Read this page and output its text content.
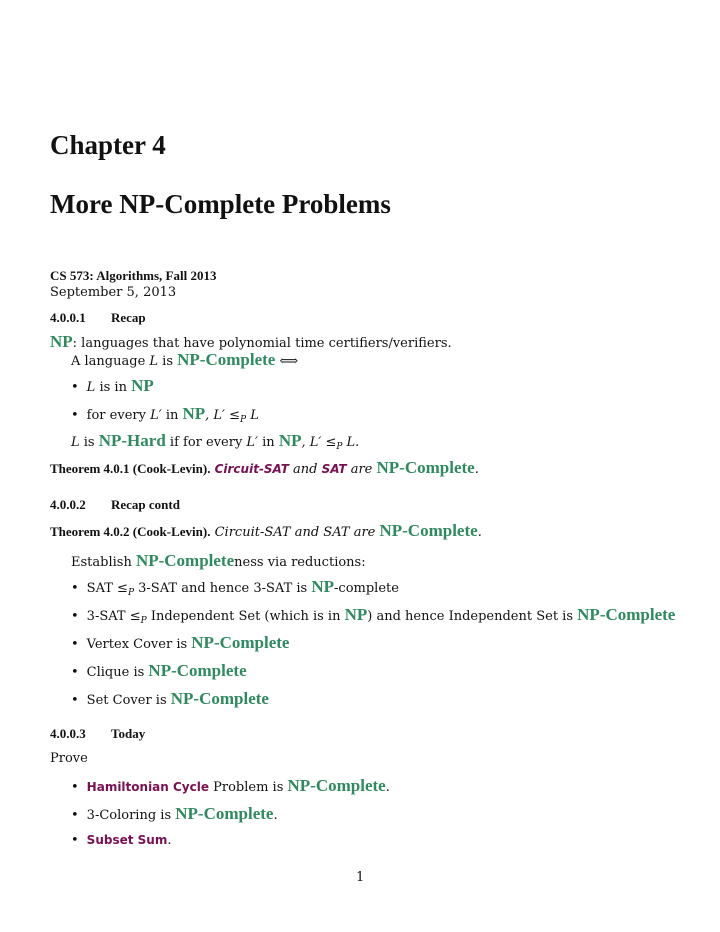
Chapter 4
More NP-Complete Problems
CS 573: Algorithms, Fall 2013
September 5, 2013
4.0.0.1 Recap
NP: languages that have polynomial time certifiers/verifiers.
A language L is NP-Complete ⟺
• L is in NP
• for every L′ in NP, $L' \le_P$ L
L is NP-Hard if for every L′ in NP, $L' \le_P$ L.
Theorem 4.0.1 (Cook-Levin). Circuit-SAT and SAT are NP-Complete.
4.0.0.2 Recap contd
Theorem 4.0.2 (Cook-Levin). Circuit-SAT and SAT are NP-Complete.
Establish NP-Completeness via reductions:
• SAT $\le_P$ 3-SAT and hence 3-SAT is NP-complete
• $3-SAT \le_P$ Independent Set (which is in NP) and hence Independent Set is NP-Complete
• Vertex Cover is NP-Complete
• Clique is NP-Complete
• Set Cover is NP-Complete
4.0.0.3 Today
Prove
• Hamiltonian Cycle Problem is NP-Complete.
• 3-Coloring is NP-Complete.
• Subset Sum.
1
